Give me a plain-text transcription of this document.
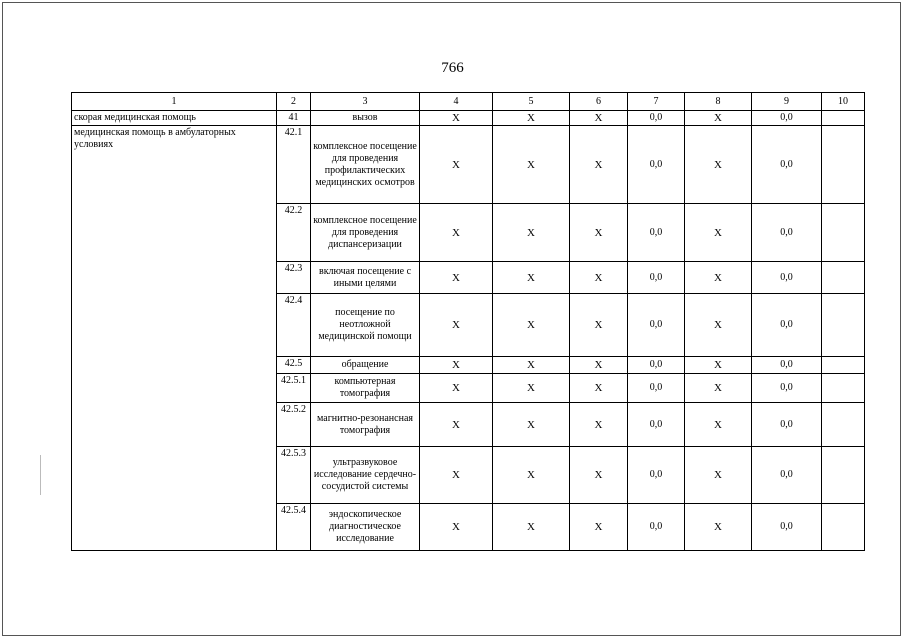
766
1	2	3	4	5	6	7	8	9	10
скорая медицинская помощь	41	вызов	X	X	X	0,0	X	0,0	
медицинская помощь в амбулаторных условиях	42.1	комплексное посещение для проведения профилактических медицинских осмотров	X	X	X	0,0	X	0,0	
	42.2	комплексное посещение для проведения диспансеризации	X	X	X	0,0	X	0,0	
	42.3	включая посещение с иными целями	X	X	X	0,0	X	0,0	
	42.4	посещение по неотложной медицинской помощи	X	X	X	0,0	X	0,0	
	42.5	обращение	X	X	X	0,0	X	0,0	
	42.5.1	компьютерная томография	X	X	X	0,0	X	0,0	
	42.5.2	магнитно-резонансная томография	X	X	X	0,0	X	0,0	
	42.5.3	ультразвуковое исследование сердечно-сосудистой системы	X	X	X	0,0	X	0,0	
	42.5.4	эндоскопическое диагностическое исследование	X	X	X	0,0	X	0,0	
